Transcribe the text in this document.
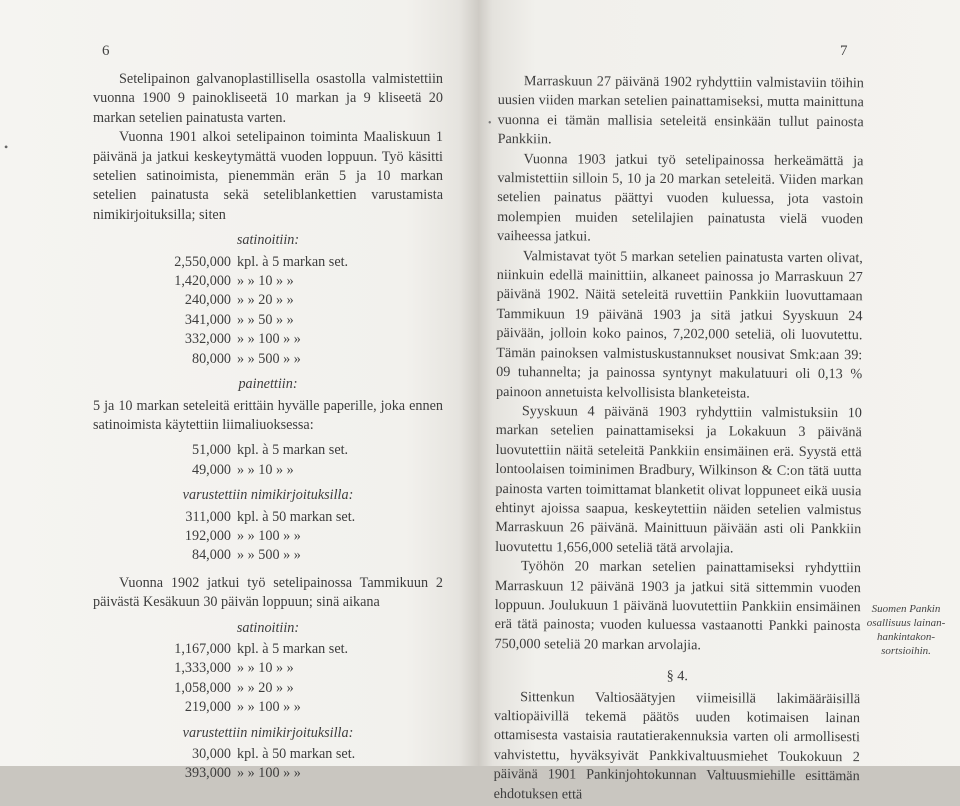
•
•
6

Setelipainon galvanoplastillisella osastolla valmistettiin vuonna 1900 9 painokliseetä 10 markan ja 9 kliseetä 20 markan setelien painatusta varten.

Vuonna 1901 alkoi setelipainon toiminta Maaliskuun 1 päivänä ja jatkui keskeytymättä vuoden loppuun. Työ käsitti setelien satinoimista, pienemmän erän 5 ja 10 markan setelien painatusta sekä seteliblankettien varustamista nimikirjoituksilla; siten

satinoitiin:
2,550,000 kpl. à 5 markan set.
1,420,000 » » 10 » »
240,000 » » 20 » »
341,000 » » 50 » »
332,000 » » 100 » »
80,000 » » 500 » »
painettiin:

5 ja 10 markan seteleitä erittäin hyvälle paperille, joka ennen satinoimista käytettiin liimaliuoksessa:

51,000 kpl. à 5 markan set.
49,000 » » 10 » »
varustettiin nimikirjoituksilla:
311,000 kpl. à 50 markan set.
192,000 » » 100 » »
84,000 » » 500 » »

Vuonna 1902 jatkui työ setelipainossa Tammikuun 2 päivästä Kesäkuun 30 päivän loppuun; sinä aikana

satinoitiin:
1,167,000 kpl. à 5 markan set.
1,333,000 » » 10 » »
1,058,000 » » 20 » »
219,000 » » 100 » »
varustettiin nimikirjoituksilla:
30,000 kpl. à 50 markan set.
393,000 » » 100 » »
7

Marraskuun 27 päivänä 1902 ryhdyttiin valmistaviin töihin uusien viiden markan setelien painattamiseksi, mutta mainittuna vuonna ei tämän mallisia seteleitä ensinkään tullut painosta Pankkiin.

Vuonna 1903 jatkui työ setelipainossa herkeämättä ja valmistettiin silloin 5, 10 ja 20 markan seteleitä. Viiden markan setelien painatus päättyi vuoden kuluessa, jota vastoin molempien muiden setelilajien painatusta vielä vuoden vaiheessa jatkui.

Valmistavat työt 5 markan setelien painatusta varten olivat, niinkuin edellä mainittiin, alkaneet painossa jo Marraskuun 27 päivänä 1902. Näitä seteleitä ruvettiin Pankkiin luovuttamaan Tammikuun 19 päivänä 1903 ja sitä jatkui Syyskuun 24 päivään, jolloin koko painos, 7,202,000 seteliä, oli luovutettu. Tämän painoksen valmistuskustannukset nousivat Smk:aan 39: 09 tuhannelta; ja painossa syntynyt makulatuuri oli 0,13 % painoon annetuista kelvollisista blanketeista.

Syyskuun 4 päivänä 1903 ryhdyttiin valmistuksiin 10 markan setelien painattamiseksi ja Lokakuun 3 päivänä luovutettiin näitä seteleitä Pankkiin ensimäinen erä. Syystä että lontoolaisen toiminimen Bradbury, Wilkinson & C:on tätä uutta painosta varten toimittamat blanketit olivat loppuneet eikä uusia ehtinyt ajoissa saapua, keskeytettiin näiden setelien valmistus Marraskuun 26 päivänä. Mainittuun päivään asti oli Pankkiin luovutettu 1,656,000 seteliä tätä arvolajia.

Työhön 20 markan setelien painattamiseksi ryhdyttiin Marraskuun 12 päivänä 1903 ja jatkui sitä sittemmin vuoden loppuun. Joulukuun 1 päivänä luovutettiin Pankkiin ensimäinen erä tätä painosta; vuoden kuluessa vastaanotti Pankki painosta 750,000 seteliä 20 markan arvolajia.

§ 4.

Sittenkun Valtiosäätyjen viimeisillä lakimääräisillä valtiopäivillä tekemä päätös uuden kotimaisen lainan ottamisesta vastaisia rautatierakennuksia varten oli armollisesti vahvistettu, hyväksyivät Pankkivaltuusmiehet Toukokuun 2 päivänä 1901 Pankinjohtokunnan Valtuusmiehille esittämän ehdotuksen että

Suomen Pankin osallisuus lainan-hankintakon-sortsioihin.
